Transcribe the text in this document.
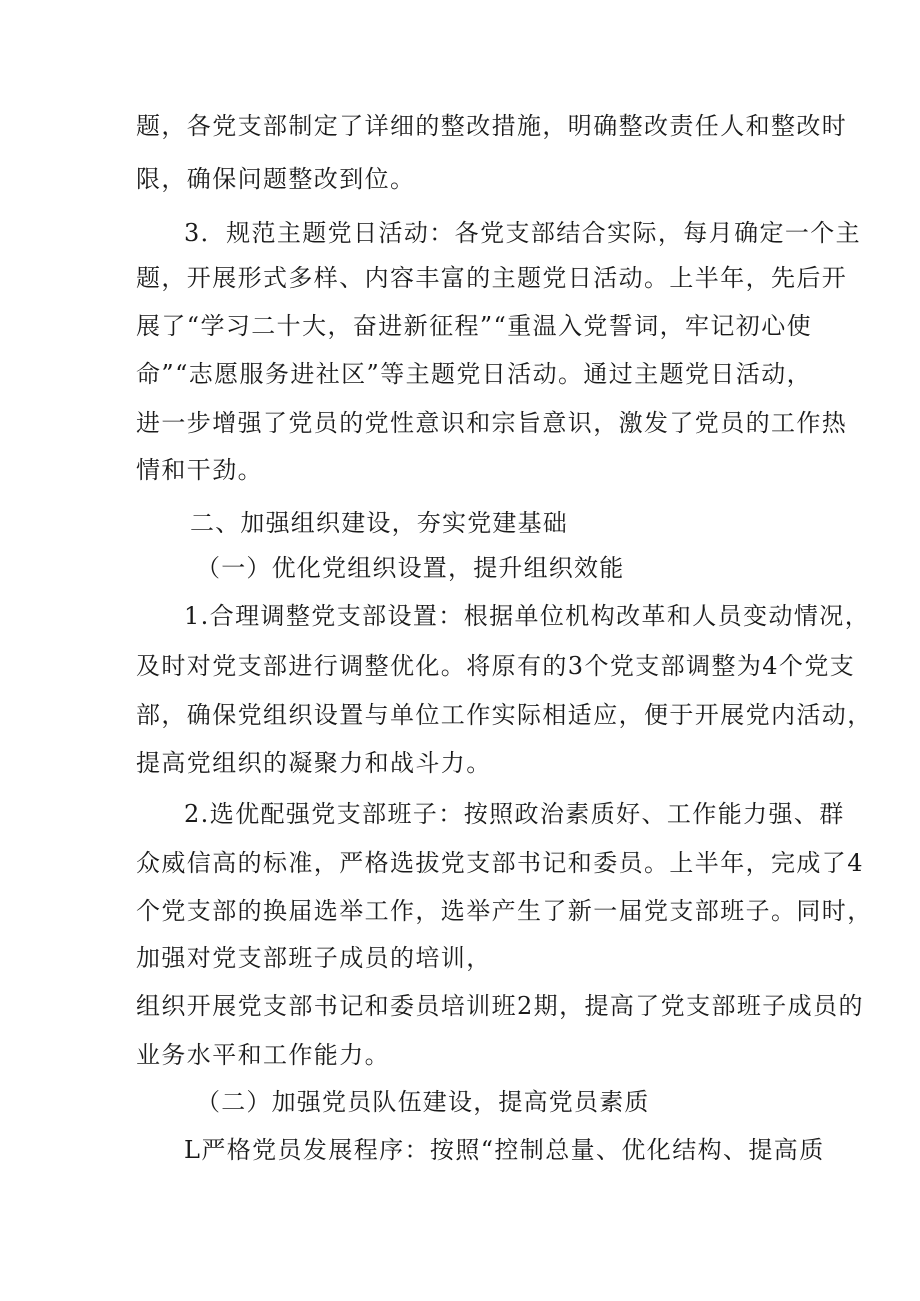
题，各党支部制定了详细的整改措施，明确整改责任人和整改时
限，确保问题整改到位。
3．规范主题党日活动：各党支部结合实际，每月确定一个主
题，开展形式多样、内容丰富的主题党日活动。上半年，先后开
展了“学习二十大，奋进新征程”“重温入党誓词，牢记初心使
命”“志愿服务进社区”等主题党日活动。通过主题党日活动，
进一步增强了党员的党性意识和宗旨意识，激发了党员的工作热
情和干劲。
二、加强组织建设，夯实党建基础
（一）优化党组织设置，提升组织效能
1.合理调整党支部设置：根据单位机构改革和人员变动情况，
及时对党支部进行调整优化。将原有的3个党支部调整为4个党支
部，确保党组织设置与单位工作实际相适应，便于开展党内活动，
提高党组织的凝聚力和战斗力。
2.选优配强党支部班子：按照政治素质好、工作能力强、群
众威信高的标准，严格选拔党支部书记和委员。上半年，完成了4
个党支部的换届选举工作，选举产生了新一届党支部班子。同时，
加强对党支部班子成员的培训，
组织开展党支部书记和委员培训班2期，提高了党支部班子成员的
业务水平和工作能力。
（二）加强党员队伍建设，提高党员素质
L严格党员发展程序：按照“控制总量、优化结构、提高质
